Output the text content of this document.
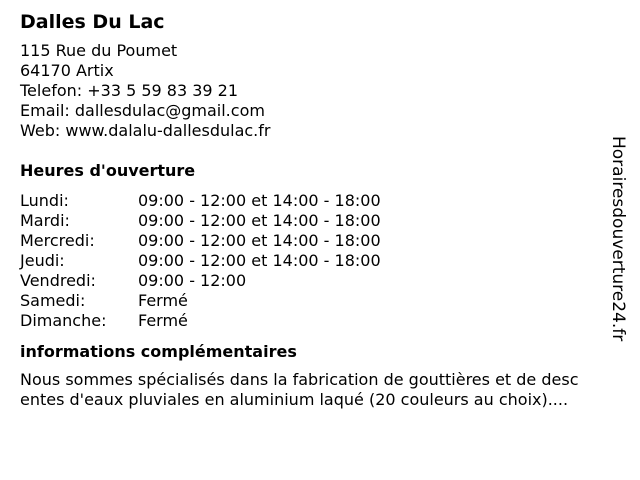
Dalles Du Lac
115 Rue du Poumet
64170 Artix
Telefon: +33 5 59 83 39 21
Email: dallesdulac@gmail.com
Web: www.dalalu-dallesdulac.fr
Heures d'ouverture
Lundi:	09:00 - 12:00 et 14:00 - 18:00
Mardi:	09:00 - 12:00 et 14:00 - 18:00
Mercredi:	09:00 - 12:00 et 14:00 - 18:00
Jeudi:	09:00 - 12:00 et 14:00 - 18:00
Vendredi:	09:00 - 12:00
Samedi:	Fermé
Dimanche:	Fermé
informations complémentaires
Nous sommes spécialisés dans la fabrication de gouttières et de desc
entes d'eaux pluviales en aluminium laqué (20 couleurs au choix)....
Horairesdouverture24.fr
